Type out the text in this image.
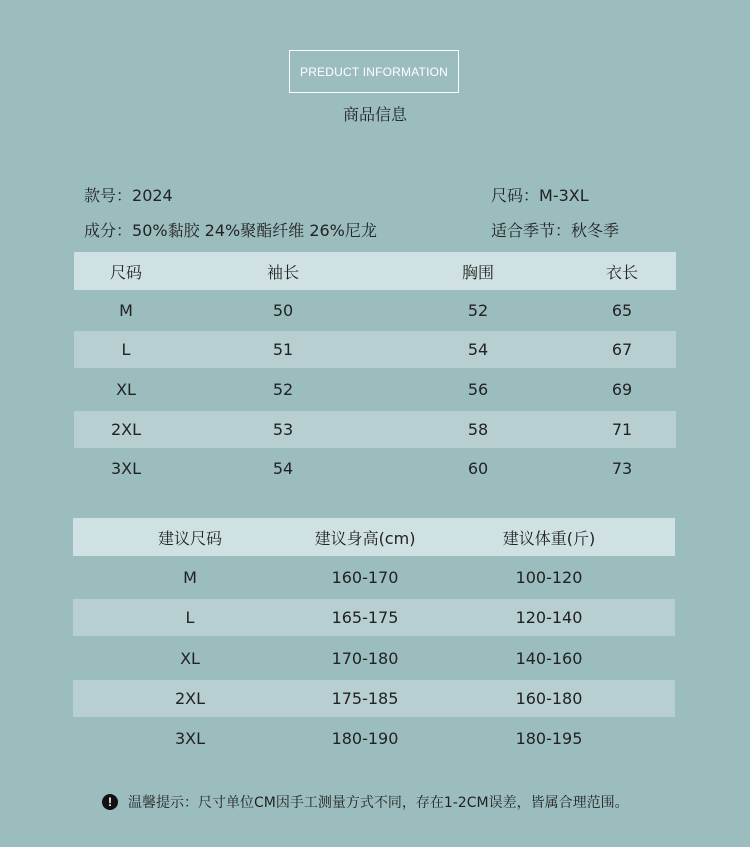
PREDUCT INFORMATION
商品信息
款号：2024	尺码：M-3XL
成分：50%黏胶 24%聚酯纤维 26%尼龙	适合季节：秋冬季
尺码	袖长	胸围	衣长
M	50	52	65
L	51	54	67
XL	52	56	69
2XL	53	58	71
3XL	54	60	73
建议尺码	建议身高(cm)	建议体重(斤)
M	160-170	100-120
L	165-175	120-140
XL	170-180	140-160
2XL	175-185	160-180
3XL	180-190	180-195
!	温馨提示：尺寸单位CM因手工测量方式不同，存在1-2CM误差，皆属合理范围。
